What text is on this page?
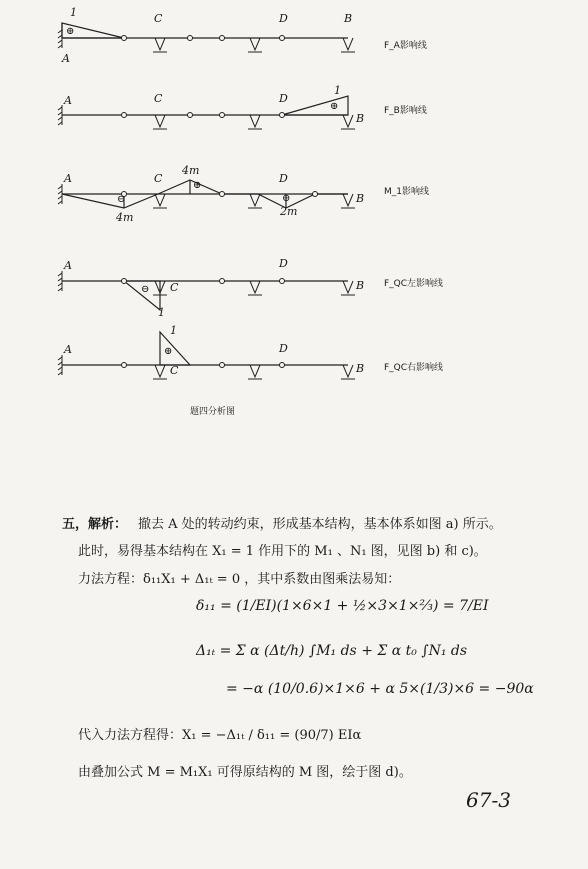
1
⊕
A
C	D	B
F_A影响线
A	C	D
B
1
⊕	F_B影响线
A	C	D
B
4m
4m
2m
⊖
⊕
⊖
M_1影响线
A
C
D
B
1
⊖	F_QC左影响线
A
C
D
B
1
⊕
F_QC右影响线
题四分析图
五，解析： 撤去 A 处的转动约束，形成基本结构，基本体系如图 a) 所示。
此时，易得基本结构在 X₁ = 1 作用下的 M₁ 、N₁ 图，见图 b) 和 c)。
力法方程：δ₁₁X₁ + Δ₁ₜ = 0 ，其中系数由图乘法易知：
δ₁₁ = (1/EI)(1×6×1 + ½×3×1×⅔) = 7/EI
Δ₁ₜ = Σ α (Δt/h) ∫M₁ ds + Σ α t₀ ∫N₁ ds
= −α (10/0.6)×1×6 + α 5×(1/3)×6 = −90α
代入力法方程得：X₁ = −Δ₁ₜ / δ₁₁ = (90/7) EIα
由叠加公式 M = M₁X₁ 可得原结构的 M 图，绘于图 d)。
67-3
